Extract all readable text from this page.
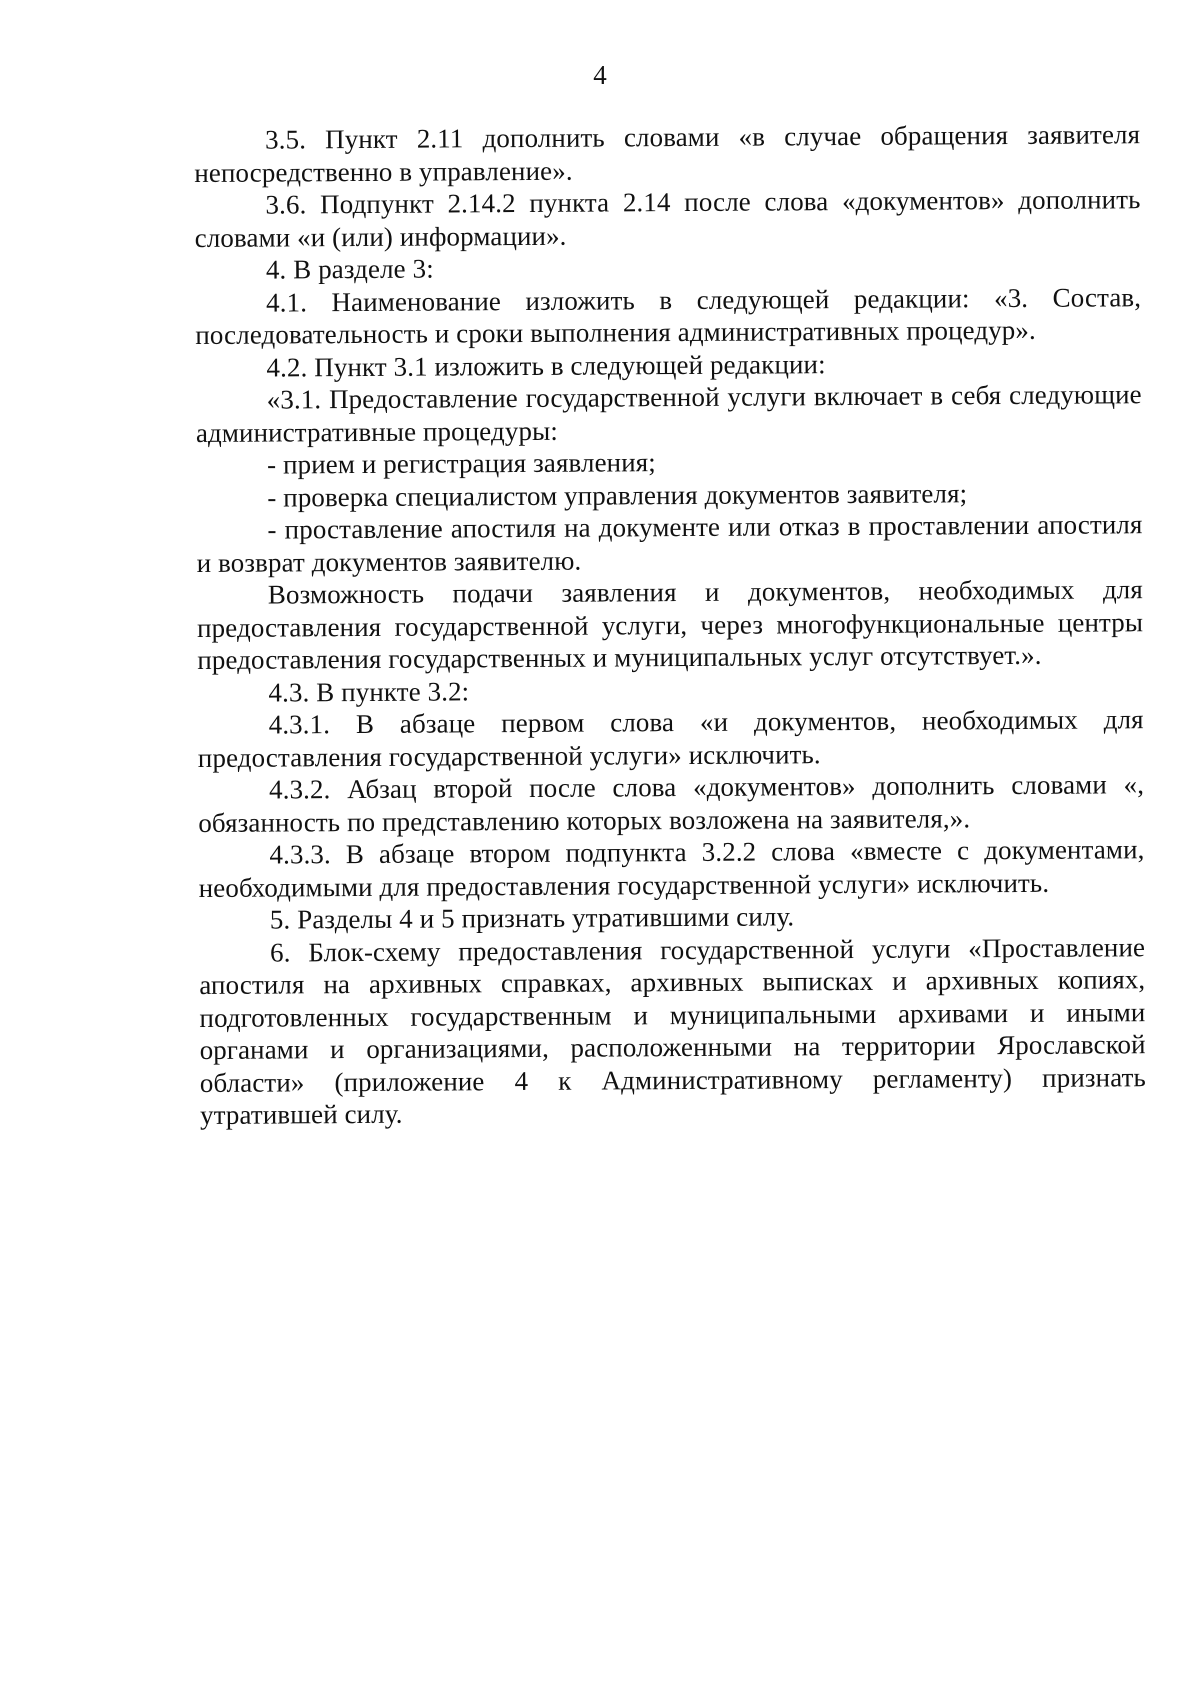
4

3.5. Пункт 2.11 дополнить словами «в случае обращения заявителя непосредственно в управление».

3.6. Подпункт 2.14.2 пункта 2.14 после слова «документов» дополнить словами «и (или) информации».

4. В разделе 3:

4.1. Наименование изложить в следующей редакции: «3. Состав, последовательность и сроки выполнения административных процедур».

4.2. Пункт 3.1 изложить в следующей редакции:

«3.1. Предоставление государственной услуги включает в себя следующие административные процедуры:

- прием и регистрация заявления;

- проверка специалистом управления документов заявителя;

- проставление апостиля на документе или отказ в проставлении апостиля и возврат документов заявителю.

Возможность подачи заявления и документов, необходимых для предоставления государственной услуги, через многофункциональные центры предоставления государственных и муниципальных услуг отсутствует.».

4.3. В пункте 3.2:

4.3.1. В абзаце первом слова «и документов, необходимых для предоставления государственной услуги» исключить.

4.3.2. Абзац второй после слова «документов» дополнить словами «, обязанность по представлению которых возложена на заявителя,».

4.3.3. В абзаце втором подпункта 3.2.2 слова «вместе с документами, необходимыми для предоставления государственной услуги» исключить.

5. Разделы 4 и 5 признать утратившими силу.

6. Блок-схему предоставления государственной услуги «Проставление апостиля на архивных справках, архивных выписках и архивных копиях, подготовленных государственным и муниципальными архивами и иными органами и организациями, расположенными на территории Ярославской области» (приложение 4 к Административному регламенту) признать утратившей силу.
